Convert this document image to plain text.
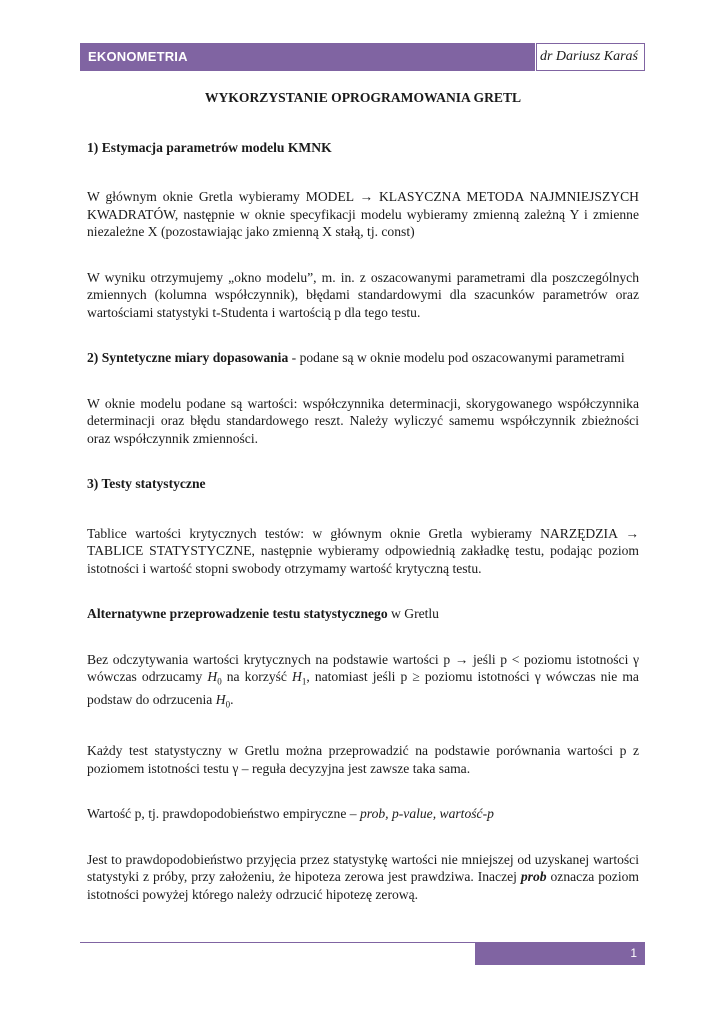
EKONOMETRIA	dr Dariusz Karaś
WYKORZYSTANIE OPROGRAMOWANIA GRETL
1) Estymacja parametrów modelu KMNK
W głównym oknie Gretla wybieramy MODEL → KLASYCZNA METODA NAJMNIEJSZYCH KWADRATÓW, następnie w oknie specyfikacji modelu wybieramy zmienną zależną Y i zmienne niezależne X (pozostawiając jako zmienną X stałą, tj. const)
W wyniku otrzymujemy „okno modelu”, m. in. z oszacowanymi parametrami dla poszczególnych zmiennych (kolumna współczynnik), błędami standardowymi dla szacunków parametrów oraz wartościami statystyki t-Studenta i wartością p dla tego testu.
2) Syntetyczne miary dopasowania - podane są w oknie modelu pod oszacowanymi parametrami
W oknie modelu podane są wartości: współczynnika determinacji, skorygowanego współczynnika determinacji oraz błędu standardowego reszt. Należy wyliczyć samemu współczynnik zbieżności oraz współczynnik zmienności.
3) Testy statystyczne
Tablice wartości krytycznych testów: w głównym oknie Gretla wybieramy NARZĘDZIA → TABLICE STATYSTYCZNE, następnie wybieramy odpowiednią zakładkę testu, podając poziom istotności i wartość stopni swobody otrzymamy wartość krytyczną testu.
Alternatywne przeprowadzenie testu statystycznego w Gretlu
Bez odczytywania wartości krytycznych na podstawie wartości p → jeśli p < poziomu istotności γ wówczas odrzucamy $H_0$ na korzyść $H_1$, natomiast jeśli p ≥ poziomu istotności γ wówczas nie ma podstaw do odrzucenia $H_0$.
Każdy test statystyczny w Gretlu można przeprowadzić na podstawie porównania wartości p z poziomem istotności testu γ – reguła decyzyjna jest zawsze taka sama.
Wartość p, tj. prawdopodobieństwo empiryczne – prob, p-value, wartość-p
Jest to prawdopodobieństwo przyjęcia przez statystykę wartości nie mniejszej od uzyskanej wartości statystyki z próby, przy założeniu, że hipoteza zerowa jest prawdziwa. Inaczej prob oznacza poziom istotności powyżej którego należy odrzucić hipotezę zerową.
1
